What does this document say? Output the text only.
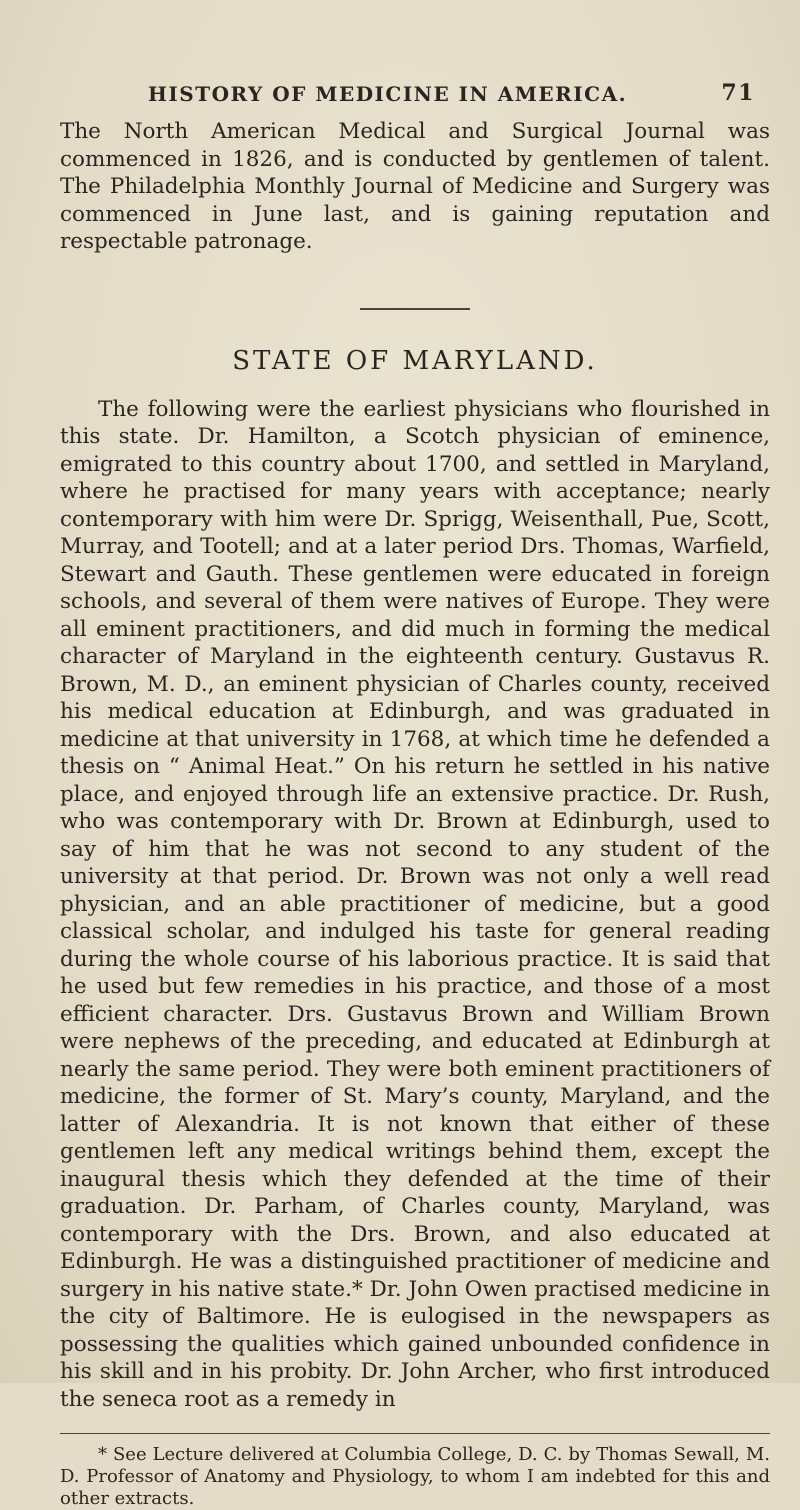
HISTORY OF MEDICINE IN AMERICA.	71

The North American Medical and Surgical Journal was commenced in 1826, and is conducted by gentlemen of talent. The Philadelphia Monthly Journal of Medicine and Surgery was commenced in June last, and is gaining reputation and respectable patronage.

STATE OF MARYLAND.

The following were the earliest physicians who flourished in this state. Dr. Hamilton, a Scotch physician of eminence, emigrated to this country about 1700, and settled in Maryland, where he practised for many years with acceptance; nearly contemporary with him were Dr. Sprigg, Weisenthall, Pue, Scott, Murray, and Tootell; and at a later period Drs. Thomas, Warfield, Stewart and Gauth. These gentlemen were educated in foreign schools, and several of them were natives of Europe. They were all eminent practitioners, and did much in forming the medical character of Maryland in the eighteenth century. Gustavus R. Brown, M. D., an eminent physician of Charles county, received his medical education at Edinburgh, and was graduated in medicine at that university in 1768, at which time he defended a thesis on “ Animal Heat.” On his return he settled in his native place, and enjoyed through life an extensive practice. Dr. Rush, who was contemporary with Dr. Brown at Edinburgh, used to say of him that he was not second to any student of the university at that period. Dr. Brown was not only a well read physician, and an able practitioner of medicine, but a good classical scholar, and indulged his taste for general reading during the whole course of his laborious practice. It is said that he used but few remedies in his practice, and those of a most efficient character. Drs. Gustavus Brown and William Brown were nephews of the preceding, and educated at Edinburgh at nearly the same period. They were both eminent practitioners of medicine, the former of St. Mary’s county, Maryland, and the latter of Alexandria. It is not known that either of these gentlemen left any medical writings behind them, except the inaugural thesis which they defended at the time of their graduation. Dr. Parham, of Charles county, Maryland, was contemporary with the Drs. Brown, and also educated at Edinburgh. He was a distinguished practitioner of medicine and surgery in his native state.* Dr. John Owen practised medicine in the city of Baltimore. He is eulogised in the newspapers as possessing the qualities which gained unbounded confidence in his skill and in his probity. Dr. John Archer, who first introduced the seneca root as a remedy in

* See Lecture delivered at Columbia College, D. C. by Thomas Sewall, M. D. Professor of Anatomy and Physiology, to whom I am indebted for this and other extracts.
